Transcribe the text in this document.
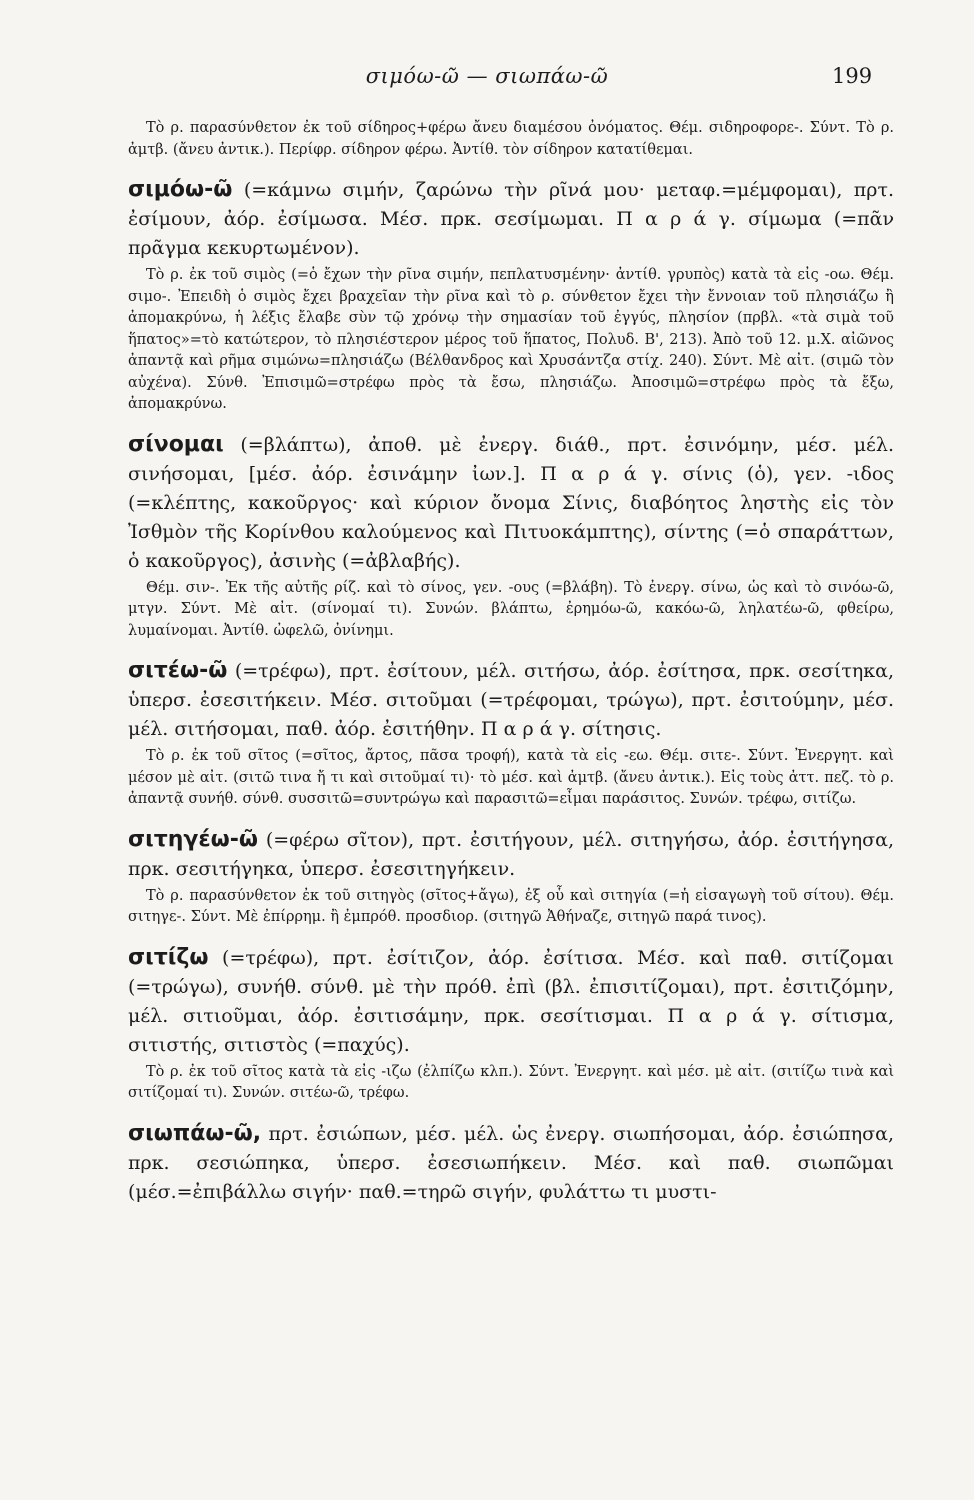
σιμόω-ῶ — σιωπάω-ῶ	199

Τὸ ρ. παρασύνθετον ἐκ τοῦ σίδηρος+φέρω ἄνευ διαμέσου ὀνόματος. Θέμ. σιδηροφορε-. Σύντ. Τὸ ρ. ἀμτβ. (ἄνευ ἀντικ.). Περίφρ. σίδηρον φέρω. Ἀντίθ. τὸν σίδηρον κατατίθεμαι.

σιμόω-ῶ (=κάμνω σιμήν, ζαρώνω τὴν ρῖνά μου· μεταφ.=μέμφομαι), πρτ. ἐσίμουν, ἀόρ. ἐσίμωσα. Μέσ. πρκ. σεσίμωμαι. Π α ρ ά γ. σίμωμα (=πᾶν πρᾶγμα κεκυρτωμένον).

Τὸ ρ. ἐκ τοῦ σιμὸς (=ὁ ἔχων τὴν ρῖνα σιμήν, πεπλατυσμένην· ἀντίθ. γρυπὸς) κατὰ τὰ εἰς -οω. Θέμ. σιμο-. Ἐπειδὴ ὁ σιμὸς ἔχει βραχεῖαν τὴν ρῖνα καὶ τὸ ρ. σύνθετον ἔχει τὴν ἔννοιαν τοῦ πλησιάζω ἢ ἀπομακρύνω, ἡ λέξις ἔλαβε σὺν τῷ χρόνῳ τὴν σημασίαν τοῦ ἐγγύς, πλησίον (πρβλ. «τὰ σιμὰ τοῦ ἥπατος»=τὸ κατώτερον, τὸ πλησιέστερον μέρος τοῦ ἥπατος, Πολυδ. Β', 213). Ἀπὸ τοῦ 12. μ.Χ. αἰῶνος ἀπαντᾷ καὶ ρῆμα σιμώνω=πλησιάζω (Βέλθανδρος καὶ Χρυσάντζα στίχ. 240). Σύντ. Μὲ αἰτ. (σιμῶ τὸν αὐχένα). Σύνθ. Ἐπισιμῶ=στρέφω πρὸς τὰ ἔσω, πλησιάζω. Ἀποσιμῶ=στρέφω πρὸς τὰ ἔξω, ἀπομακρύνω.

σίνομαι (=βλάπτω), ἀποθ. μὲ ἐνεργ. διάθ., πρτ. ἐσινόμην, μέσ. μέλ. σινήσομαι, [μέσ. ἀόρ. ἐσινάμην ἰων.]. Π α ρ ά γ. σίνις (ὁ), γεν. -ιδος (=κλέπτης, κακοῦργος· καὶ κύριον ὄνομα Σίνις, διαβόητος ληστὴς εἰς τὸν Ἰσθμὸν τῆς Κορίνθου καλούμενος καὶ Πιτυοκάμπτης), σίντης (=ὁ σπαράττων, ὁ κακοῦργος), ἀσινὴς (=ἀβλαβής).

Θέμ. σιν-. Ἐκ τῆς αὐτῆς ρίζ. καὶ τὸ σίνος, γεν. -ους (=βλάβη). Τὸ ἐνεργ. σίνω, ὡς καὶ τὸ σινόω-ῶ, μτγν. Σύντ. Μὲ αἰτ. (σίνομαί τι). Συνών. βλάπτω, ἐρημόω-ῶ, κακόω-ῶ, ληλατέω-ῶ, φθείρω, λυμαίνομαι. Ἀντίθ. ὠφελῶ, ὀνίνημι.

σιτέω-ῶ (=τρέφω), πρτ. ἐσίτουν, μέλ. σιτήσω, ἀόρ. ἐσίτησα, πρκ. σεσίτηκα, ὑπερσ. ἐσεσιτήκειν. Μέσ. σιτοῦμαι (=τρέφομαι, τρώγω), πρτ. ἐσιτούμην, μέσ. μέλ. σιτήσομαι, παθ. ἀόρ. ἐσιτήθην. Π α ρ ά γ. σίτησις.

Τὸ ρ. ἐκ τοῦ σῖτος (=σῖτος, ἄρτος, πᾶσα τροφή), κατὰ τὰ εἰς -εω. Θέμ. σιτε-. Σύντ. Ἐνεργητ. καὶ μέσον μὲ αἰτ. (σιτῶ τινα ἤ τι καὶ σιτοῦμαί τι)· τὸ μέσ. καὶ ἀμτβ. (ἄνευ ἀντικ.). Εἰς τοὺς ἀττ. πεζ. τὸ ρ. ἀπαντᾷ συνήθ. σύνθ. συσσιτῶ=συντρώγω καὶ παρασιτῶ=εἶμαι παράσιτος. Συνών. τρέφω, σιτίζω.

σιτηγέω-ῶ (=φέρω σῖτον), πρτ. ἐσιτήγουν, μέλ. σιτηγήσω, ἀόρ. ἐσιτήγησα, πρκ. σεσιτήγηκα, ὑπερσ. ἐσεσιτηγήκειν.

Τὸ ρ. παρασύνθετον ἐκ τοῦ σιτηγὸς (σῖτος+ἄγω), ἐξ οὗ καὶ σιτηγία (=ἡ εἰσαγωγὴ τοῦ σίτου). Θέμ. σιτηγε-. Σύντ. Μὲ ἐπίρρημ. ἢ ἐμπρόθ. προσδιορ. (σιτηγῶ Ἀθήναζε, σιτηγῶ παρά τινος).

σιτίζω (=τρέφω), πρτ. ἐσίτιζον, ἀόρ. ἐσίτισα. Μέσ. καὶ παθ. σιτίζομαι (=τρώγω), συνήθ. σύνθ. μὲ τὴν πρόθ. ἐπὶ (βλ. ἐπισιτίζομαι), πρτ. ἐσιτιζόμην, μέλ. σιτιοῦμαι, ἀόρ. ἐσιτισάμην, πρκ. σεσίτισμαι. Π α ρ ά γ. σίτισμα, σιτιστής, σιτιστὸς (=παχύς).

Τὸ ρ. ἐκ τοῦ σῖτος κατὰ τὰ εἰς -ιζω (ἐλπίζω κλπ.). Σύντ. Ἐνεργητ. καὶ μέσ. μὲ αἰτ. (σιτίζω τινὰ καὶ σιτίζομαί τι). Συνών. σιτέω-ῶ, τρέφω.

σιωπάω-ῶ, πρτ. ἐσιώπων, μέσ. μέλ. ὡς ἐνεργ. σιωπήσομαι, ἀόρ. ἐσιώπησα, πρκ. σεσιώπηκα, ὑπερσ. ἐσεσιωπήκειν. Μέσ. καὶ παθ. σιωπῶμαι (μέσ.=ἐπιβάλλω σιγήν· παθ.=τηρῶ σιγήν, φυλάττω τι μυστι-
